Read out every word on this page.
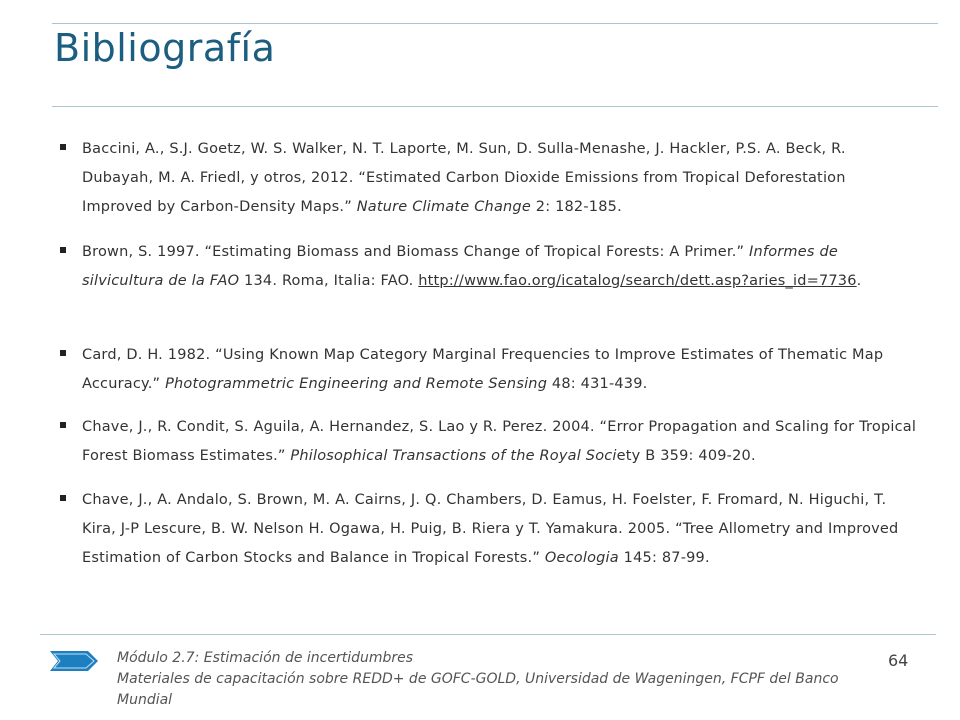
Bibliografía
Baccini, A., S.J. Goetz, W. S. Walker, N. T. Laporte, M. Sun, D. Sulla-Menashe, J. Hackler, P.S. A. Beck, R. Dubayah, M. A. Friedl, y otros, 2012. “Estimated Carbon Dioxide Emissions from Tropical Deforestation Improved by Carbon-Density Maps.” Nature Climate Change 2: 182-185.
Brown, S. 1997. “Estimating Biomass and Biomass Change of Tropical Forests: A Primer.” Informes de silvicultura de la FAO 134. Roma, Italia: FAO. http://www.fao.org/icatalog/search/dett.asp?aries_id=7736.
Card, D. H. 1982. “Using Known Map Category Marginal Frequencies to Improve Estimates of Thematic Map Accuracy.” Photogrammetric Engineering and Remote Sensing 48: 431-439.
Chave, J., R. Condit, S. Aguila, A. Hernandez, S. Lao y R. Perez. 2004. “Error Propagation and Scaling for Tropical Forest Biomass Estimates.” Philosophical Transactions of the Royal Society B 359: 409-20.
Chave, J., A. Andalo, S. Brown, M. A. Cairns, J. Q. Chambers, D. Eamus, H. Foelster, F. Fromard, N. Higuchi, T. Kira, J-P Lescure, B. W. Nelson H. Ogawa, H. Puig, B. Riera y T. Yamakura. 2005. “Tree Allometry and Improved Estimation of Carbon Stocks and Balance in Tropical Forests.” Oecologia 145: 87-99.
Módulo 2.7: Estimación de incertidumbres
Materiales de capacitación sobre REDD+ de GOFC-GOLD, Universidad de Wageningen, FCPF del Banco Mundial
64
